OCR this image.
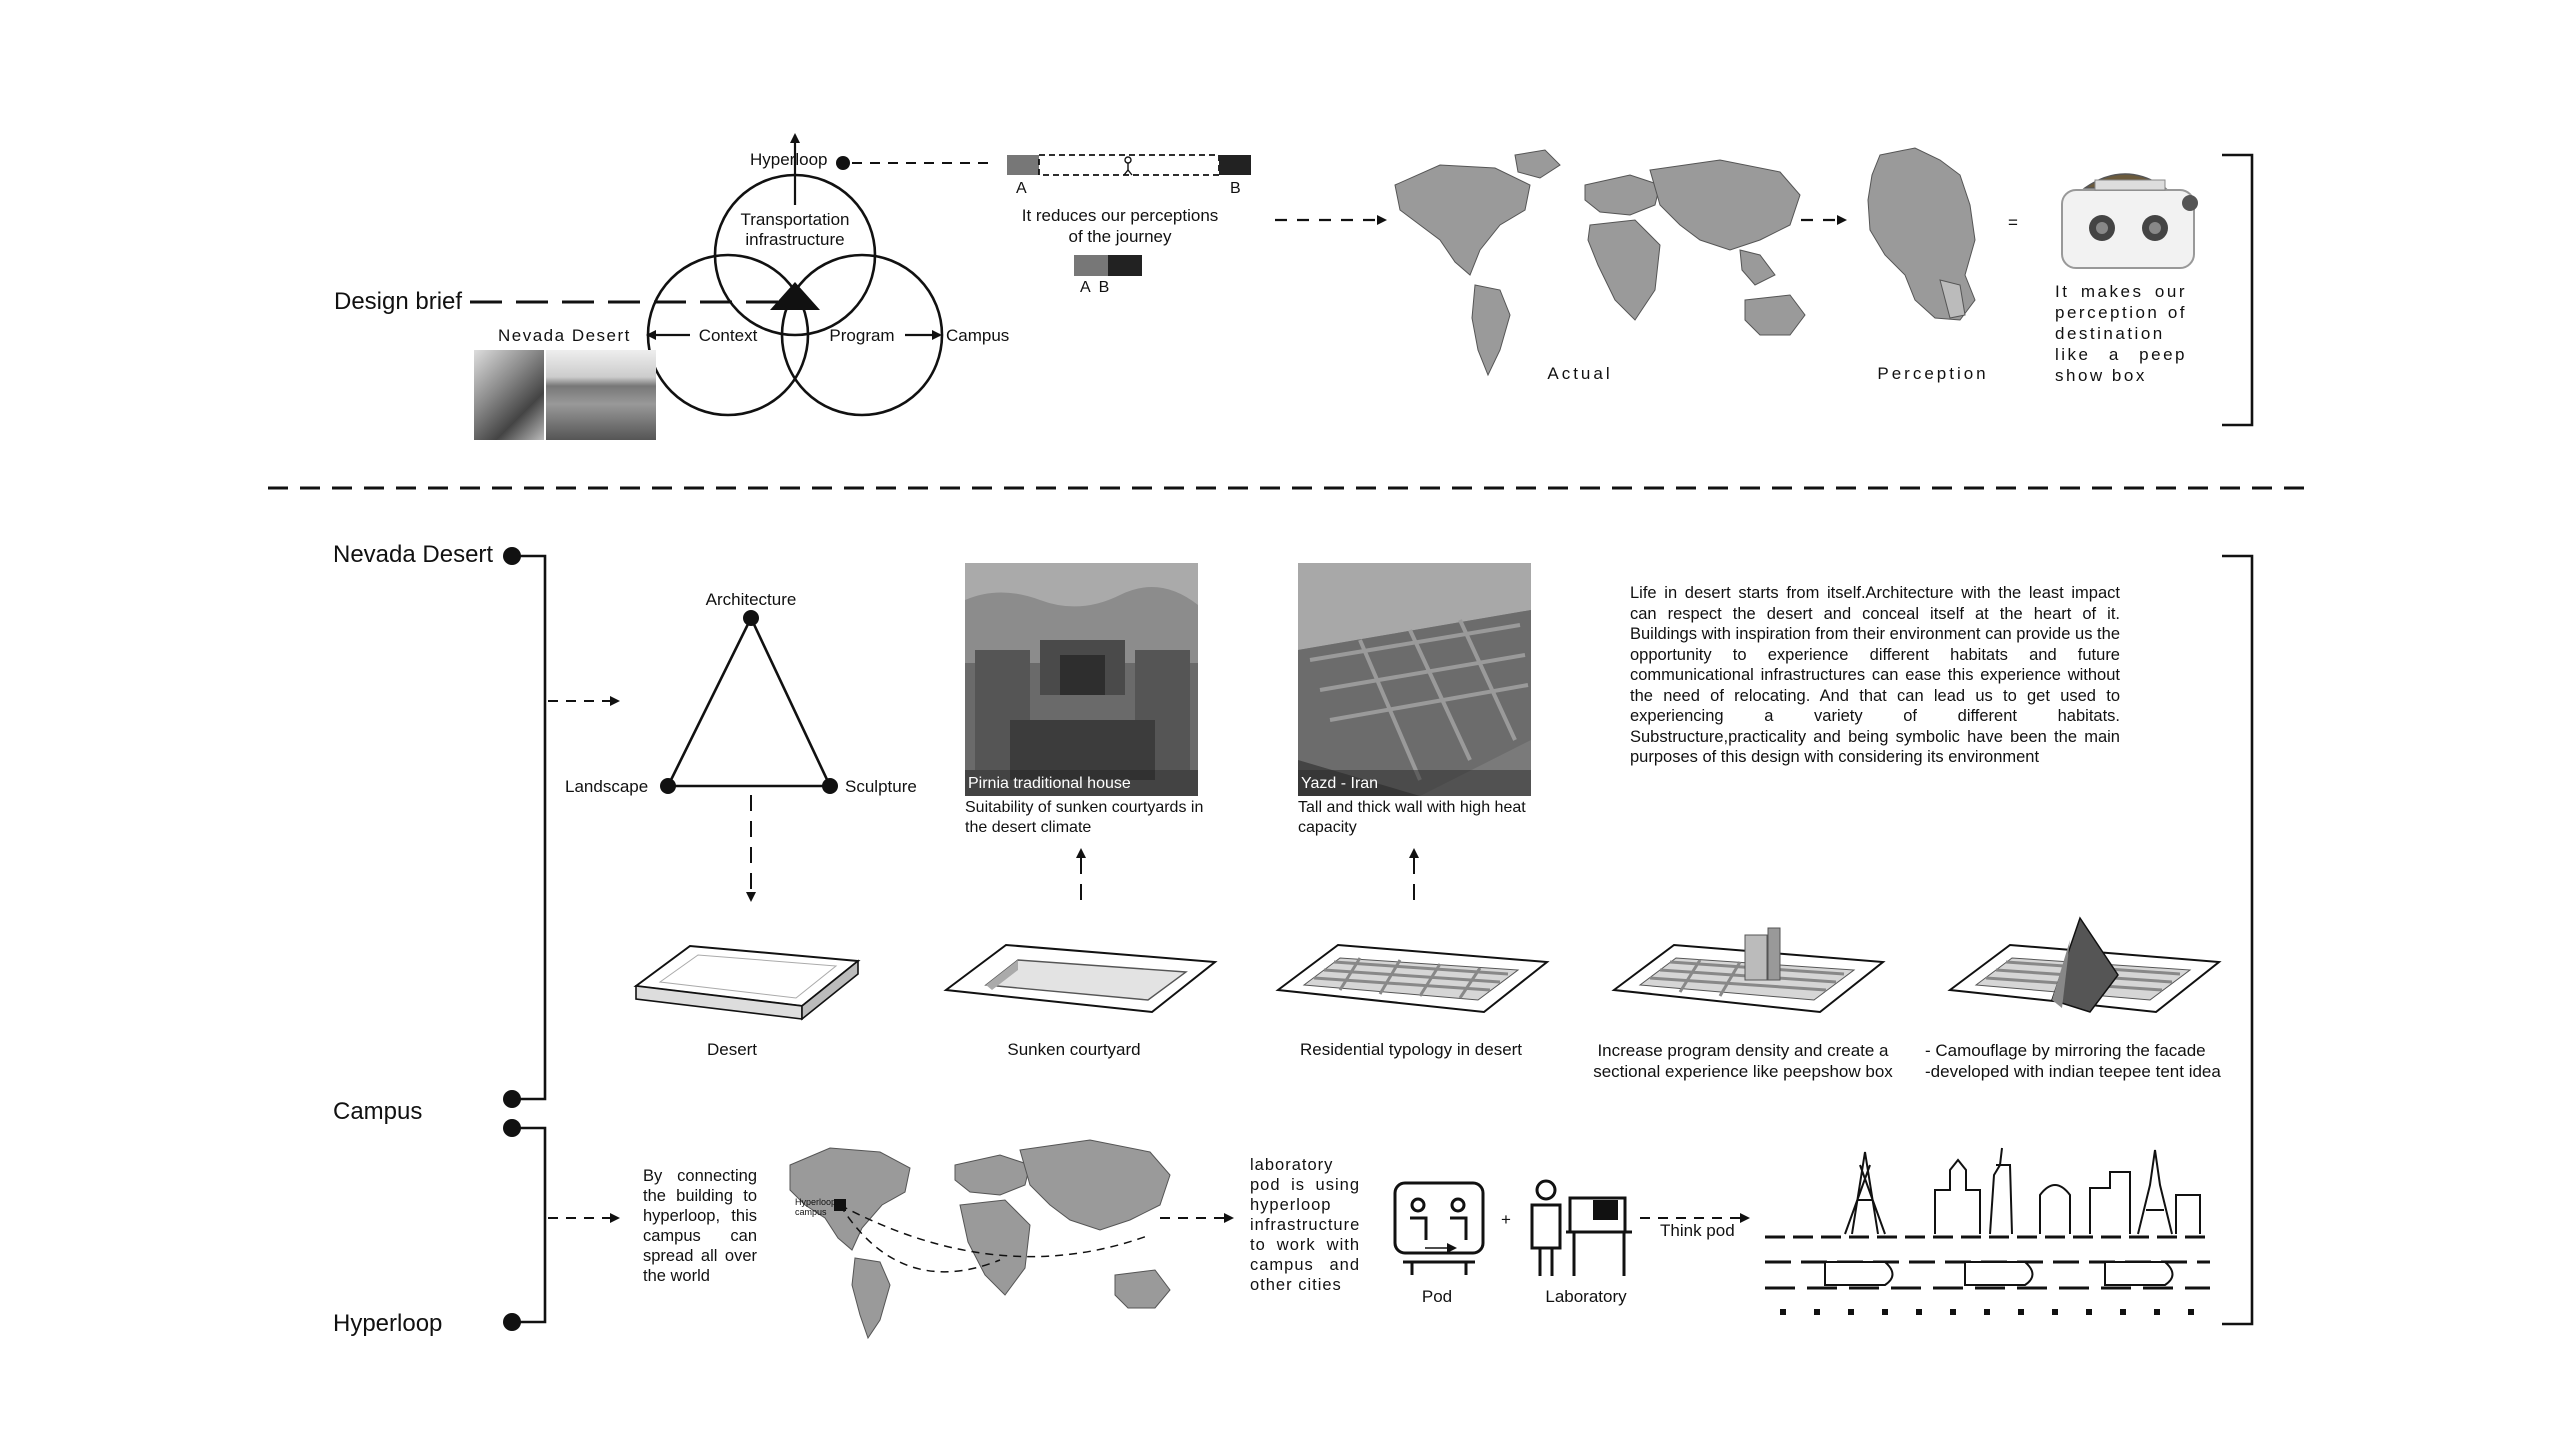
Design brief
Hyperloop
Transportation
infrastructure
Context	Program
Nevada Desert	Campus
A	B
It reduces our perceptions
of the journey
A  B
Actual	Perception
=
It makes our perception of destination like a peep show box
Nevada Desert
Campus
Hyperloop
Architecture
Landscape	Sculpture	Pirnia traditional house
Suitability of sunken courtyards in the desert climate
Yazd - Iran
Tall and thick wall with high heat capacity
Life in desert starts from itself.Architecture with the least impact can respect the desert and conceal itself at the heart of it. Buildings with inspiration from their environment can provide us the opportunity to experience different habitats and future communicational infrastructures can ease this experience without the need of relocating. And that can lead us to get used to experiencing a variety of different habitats. Substructure,practicality and being symbolic have been the main purposes of this design with considering its environment
Desert	Sunken courtyard	Residential typology in desert	Increase program density and create a
sectional experience like peepshow box
- Camouflage by mirroring the facade
-developed with indian teepee tent idea
By connecting the building to hyperloop, this campus can spread all over the world
Hyperloop
campus
laboratory pod is using hyperloop infrastructure to work with campus and other cities
+
Pod	Laboratory
Think pod
